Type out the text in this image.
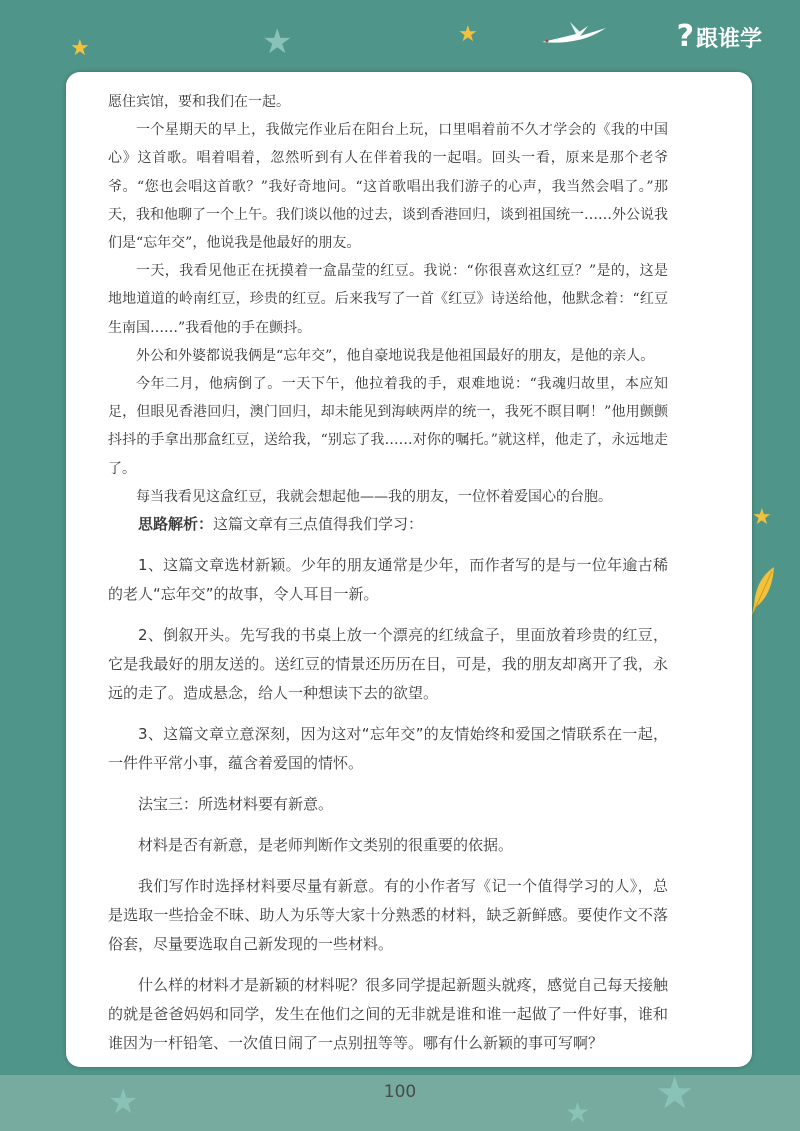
★	★	★
★
★	★ ★
? 跟谁学

愿住宾馆，要和我们在一起。

一个星期天的早上，我做完作业后在阳台上玩，口里唱着前不久才学会的《我的中国心》这首歌。唱着唱着，忽然听到有人在伴着我的一起唱。回头一看，原来是那个老爷爷。“您也会唱这首歌？”我好奇地问。“这首歌唱出我们游子的心声，我当然会唱了。”那天，我和他聊了一个上午。我们谈以他的过去，谈到香港回归，谈到祖国统一……外公说我们是“忘年交”，他说我是他最好的朋友。

一天，我看见他正在抚摸着一盒晶莹的红豆。我说：“你很喜欢这红豆？”是的，这是地地道道的岭南红豆，珍贵的红豆。后来我写了一首《红豆》诗送给他，他默念着：“红豆生南国……”我看他的手在颤抖。

外公和外婆都说我俩是“忘年交”，他自豪地说我是他祖国最好的朋友，是他的亲人。

今年二月，他病倒了。一天下午，他拉着我的手，艰难地说：“我魂归故里，本应知足，但眼见香港回归，澳门回归，却未能见到海峡两岸的统一，我死不瞑目啊！”他用颤颤抖抖的手拿出那盒红豆，送给我，“别忘了我……对你的嘱托。”就这样，他走了，永远地走了。

每当我看见这盒红豆，我就会想起他——我的朋友，一位怀着爱国心的台胞。

思路解析：这篇文章有三点值得我们学习：

1、这篇文章选材新颖。少年的朋友通常是少年，而作者写的是与一位年逾古稀的老人“忘年交”的故事，令人耳目一新。

2、倒叙开头。先写我的书桌上放一个漂亮的红绒盒子，里面放着珍贵的红豆，它是我最好的朋友送的。送红豆的情景还历历在目，可是，我的朋友却离开了我，永远的走了。造成悬念，给人一种想读下去的欲望。

3、这篇文章立意深刻，因为这对“忘年交”的友情始终和爱国之情联系在一起，一件件平常小事，蕴含着爱国的情怀。

法宝三：所选材料要有新意。

材料是否有新意，是老师判断作文类别的很重要的依据。

我们写作时选择材料要尽量有新意。有的小作者写《记一个值得学习的人》，总是选取一些拾金不昧、助人为乐等大家十分熟悉的材料，缺乏新鲜感。要使作文不落俗套，尽量要选取自己新发现的一些材料。

什么样的材料才是新颖的材料呢？很多同学提起新题头就疼，感觉自己每天接触的就是爸爸妈妈和同学，发生在他们之间的无非就是谁和谁一起做了一件好事，谁和谁因为一杆铅笔、一次值日闹了一点别扭等等。哪有什么新颖的事可写啊？

100
